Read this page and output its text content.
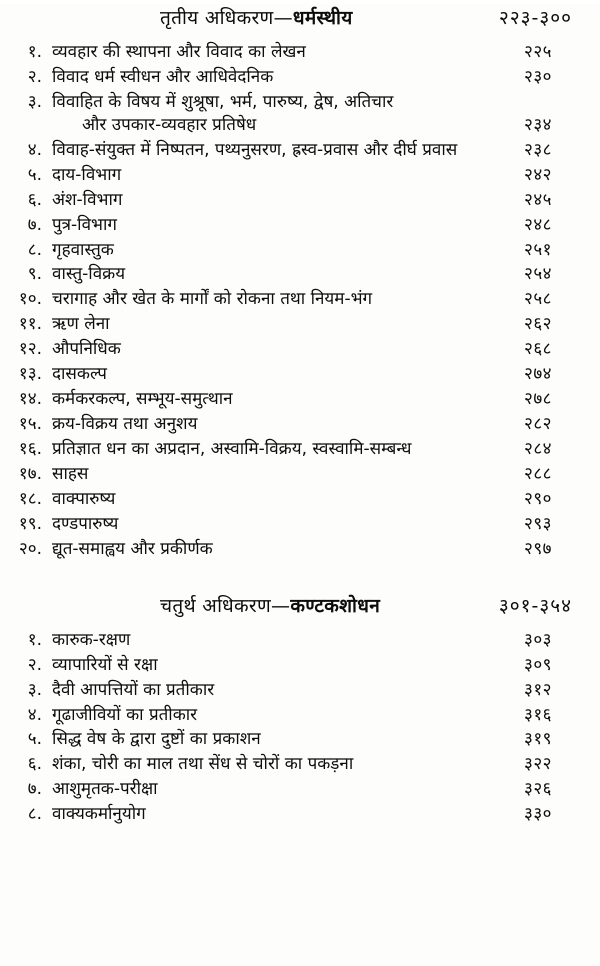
तृतीय अधिकरण— धर्मस्थीय	२२३-३००
१. व्यवहार की स्थापना और विवाद का लेखन	२२५
२. विवाद धर्म स्वीधन और आधिवेदनिक	२३०
३. विवाहित के विषय में शुश्रूषा, भर्म, पारुष्य, द्वेष, अतिचार
और उपकार-व्यवहार प्रतिषेध	२३४
४. विवाह-संयुक्त में निष्पतन, पथ्यनुसरण, ह्रस्व-प्रवास और दीर्घ प्रवास	२३८
५. दाय-विभाग	२४२
६. अंश-विभाग	२४५
७. पुत्र-विभाग	२४८
८. गृहवास्तुक	२५१
९. वास्तु-विक्रय	२५४
१०. चरागाह और खेत के मार्गों को रोकना तथा नियम-भंग	२५८
११. ऋण लेना	२६२
१२. औपनिधिक	२६८
१३. दासकल्प	२७४
१४. कर्मकरकल्प, सम्भूय-समुत्थान	२७८
१५. क्रय-विक्रय तथा अनुशय	२८२
१६. प्रतिज्ञात धन का अप्रदान, अस्वामि-विक्रय, स्वस्वामि-सम्बन्ध	२८४
१७. साहस	२८८
१८. वाक्पारुष्य	२९०
१९. दण्डपारुष्य	२९३
२०. द्यूत-समाह्वय और प्रकीर्णक	२९७
चतुर्थ अधिकरण— कण्टकशोधन	३०१-३५४
१. कारुक-रक्षण	३०३
२. व्यापारियों से रक्षा	३०९
३. दैवी आपत्तियों का प्रतीकार	३१२
४. गूढाजीवियों का प्रतीकार	३१६
५. सिद्ध वेष के द्वारा दुष्टों का प्रकाशन	३१९
६. शंका, चोरी का माल तथा सेंध से चोरों का पकड़ना	३२२
७. आशुमृतक-परीक्षा	३२६
८. वाक्यकर्मानुयोग	३३०
